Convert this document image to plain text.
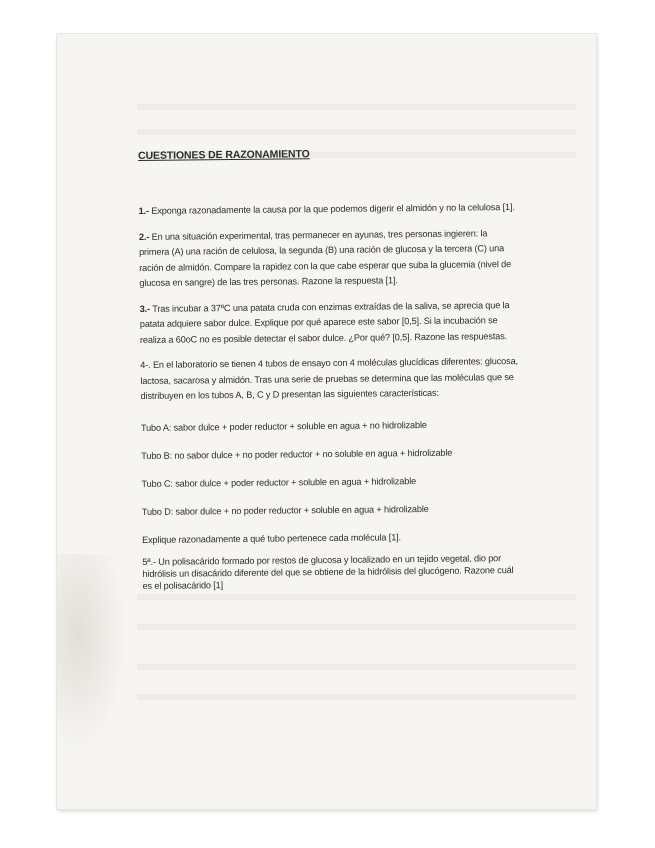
CUESTIONES DE RAZONAMIENTO
1.- Exponga razonadamente la causa por la que podemos digerir el almidón y no la celulosa [1].
2.- En una situación experimental, tras permanecer en ayunas, tres personas ingieren: la primera (A) una ración de celulosa, la segunda (B) una ración de glucosa y la tercera (C) una ración de almidón. Compare la rapidez con la que cabe esperar que suba la glucemia (nivel de glucosa en sangre) de las tres personas. Razone la respuesta [1].
3.- Tras incubar a 37ºC una patata cruda con enzimas extraídas de la saliva, se aprecia que la patata adquiere sabor dulce. Explique por qué aparece este sabor [0,5]. Si la incubación se realiza a 60oC no es posible detectar el sabor dulce. ¿Por qué? [0,5]. Razone las respuestas.
4-. En el laboratorio se tienen 4 tubos de ensayo con 4 moléculas glucídicas diferentes: glucosa, lactosa, sacarosa y almidón. Tras una serie de pruebas se determina que las moléculas que se distribuyen en los tubos A, B, C y D presentan las siguientes características:
Tubo A: sabor dulce + poder reductor + soluble en agua + no hidrolizable
Tubo B: no sabor dulce + no poder reductor + no soluble en agua + hidrolizable
Tubo C: sabor dulce + poder reductor + soluble en agua + hidrolizable
Tubo D: sabor dulce + no poder reductor + soluble en agua + hidrolizable
Explique razonadamente a qué tubo pertenece cada molécula [1].
5ª.- Un polisacárido formado por restos de glucosa y localizado en un tejido vegetal, dio por hidrólisis un disacárido diferente del que se obtiene de la hidrólisis del glucógeno. Razone cuál es el polisacárido [1]
